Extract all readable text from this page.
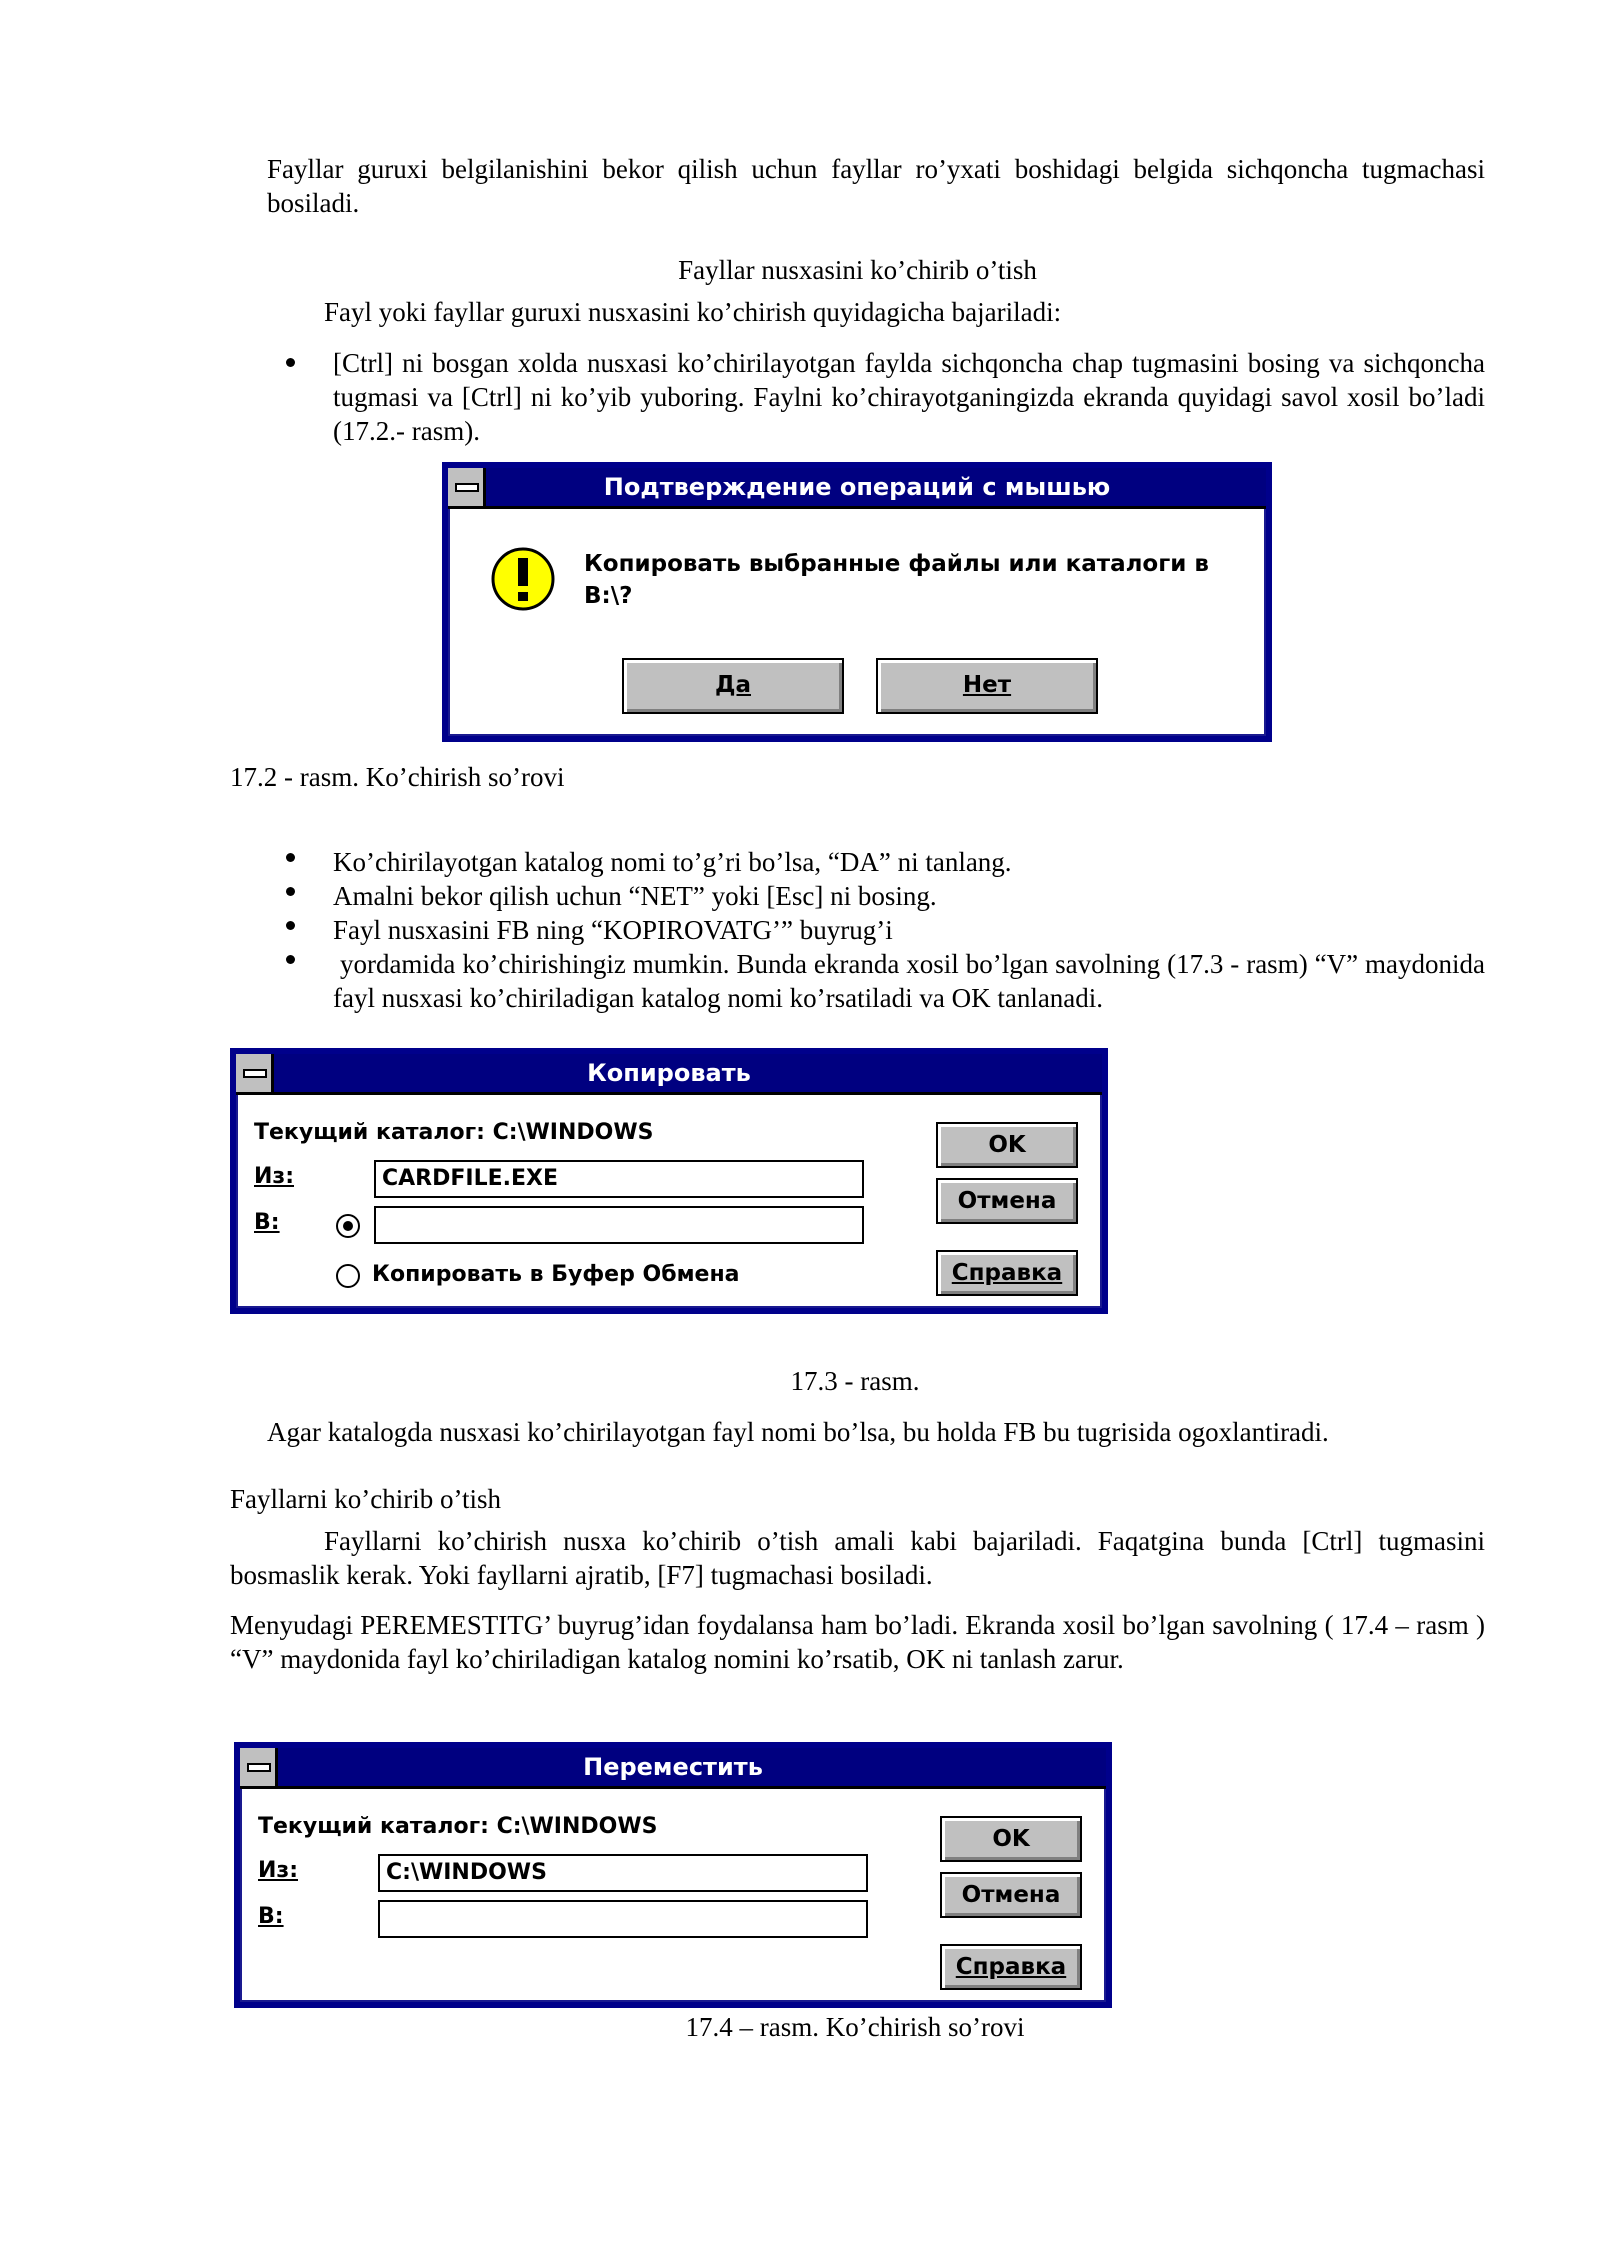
Fayllar guruxi belgilanishini bekor qilish uchun fayllar ro’yxati boshidagi belgida sichqoncha tugmachasi bosiladi.
Fayllar nusxasini ko’chirib o’tish
Fayl yoki fayllar guruxi nusxasini ko’chirish quyidagicha bajariladi:
[Ctrl] ni bosgan xolda nusxasi ko’chirilayotgan faylda sichqoncha chap tugmasini bosing va sichqoncha tugmasi va [Ctrl] ni ko’yib yuboring. Faylni ko’chirayotganingizda ekranda quyidagi savol xosil bo’ladi (17.2.- rasm).
Подтверждение операций с мышью
Копировать выбранные файлы или каталоги в B:\?
Да	Нет
17.2 - rasm. Ko’chirish so’rovi
Ko’chirilayotgan katalog nomi to’g’ri bo’lsa, “DA” ni tanlang.
Amalni bekor qilish uchun “NET” yoki [Esc] ni bosing.
Fayl nusxasini FB ning “KOPIROVATG’” buyrug’i
yordamida ko’chirishingiz mumkin. Bunda ekranda xosil bo’lgan savolning (17.3 - rasm) “V” maydonida fayl nusxasi ko’chiriladigan katalog nomi ko’rsatiladi va OK tanlanadi.
Копировать
Текущий каталог: C:\WINDOWS
Из:	CARDFILE.EXE
В:
Копировать в Буфер Обмена
OK
Отмена
Справка
17.3 - rasm.
Agar katalogda nusxasi ko’chirilayotgan fayl nomi bo’lsa, bu holda FB bu tugrisida ogoxlantiradi.
Fayllarni ko’chirib o’tish
Fayllarni ko’chirish nusxa ko’chirib o’tish amali kabi bajariladi. Faqatgina bunda [Ctrl] tugmasini bosmaslik kerak. Yoki fayllarni ajratib, [F7] tugmachasi bosiladi.
Menyudagi PEREMESTITG’ buyrug’idan foydalansa ham bo’ladi. Ekranda xosil bo’lgan savolning ( 17.4 – rasm ) “V” maydonida fayl ko’chiriladigan katalog nomini ko’rsatib, OK ni tanlash zarur.
Переместить
Текущий каталог: C:\WINDOWS
Из:	C:\WINDOWS
В:
OK
Отмена
Справка
17.4 – rasm. Ko’chirish so’rovi
